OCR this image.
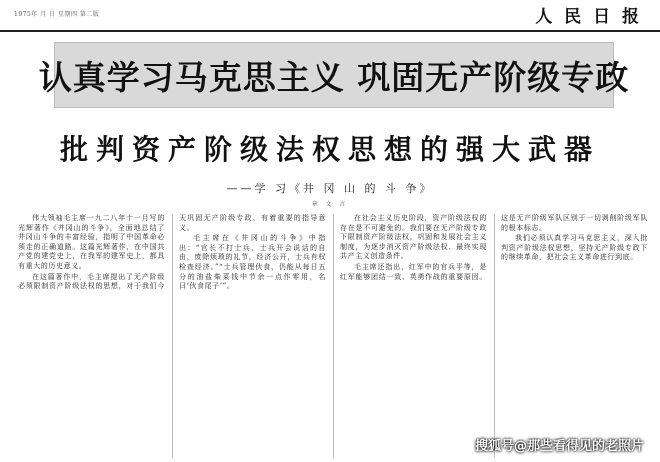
1975年 月 日 星期四 第二版	人 民 日 报
认真学习马克思主义 巩固无产阶级专政
批判资产阶级法权思想的强大武器
——学 习《井 冈 山 的 斗 争》
章 文 言

伟大领袖毛主席一九二八年十一月写的光辉著作《井冈山的斗争》，全面地总结了井冈山斗争的丰富经验，指明了中国革命必须走的正确道路。这篇光辉著作，在中国共产党的建党史上，在我军的建军史上，都具有重大的历史意义。

在这篇著作中，毛主席提出了无产阶级必须限制资产阶级法权的思想，对于我们今天巩固无产阶级专政，有着重要的指导意义。

毛主席在《井冈山的斗争》中指出：“官长不打士兵，士兵开会说话的自由，废除烦琐的礼节，经济公开，士兵有权检查经济。”“士兵管理伙食，仍能从每日五分的油盐柴菜钱中节余一点作零用，名曰‘伙食尾子’”。

在社会主义历史阶段，资产阶级法权的存在是不可避免的。我们要在无产阶级专政下限制资产阶级法权，巩固和发展社会主义制度，为逐步消灭资产阶级法权、最终实现共产主义创造条件。

毛主席还指出，红军中的官兵平等，是红军能够团结一致、英勇作战的重要原因。这是无产阶级军队区别于一切剥削阶级军队的根本标志。

我们必须认真学习马克思主义，深入批判资产阶级法权思想，坚持无产阶级专政下的继续革命，把社会主义革命进行到底。

搜狐号@那些看得见的老照片
